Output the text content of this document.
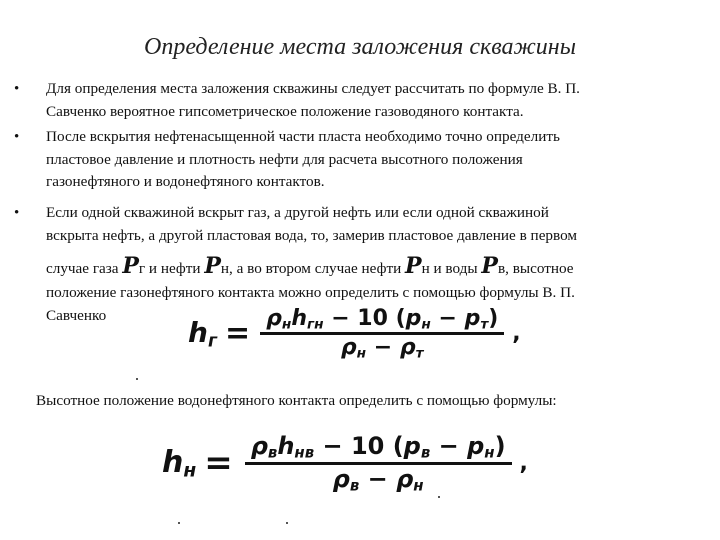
Определение места заложения скважины
• Для определения места заложения скважины следует рассчитать по формуле В. П.
Савченко вероятное гипсометрическое положение газоводяного контакта.
• После вскрытия нефтенасыщенной части пласта необходимо точно определить
пластовое давление и плотность нефти для расчета высотного положения
газонефтяного и водонефтяного контактов.
• Если одной скважиной вскрыт газ, а другой нефть или если одной скважиной
вскрыта нефть, а другой пластовая вода, то, замерив пластовое давление в первом
случае газа Pг и нефти Pн, а во втором случае нефти Pн и воды Pв, высотное
положение газонефтяного контакта можно определить с помощью формулы В. П.
Савченко
$h_г = \frac{\rho_нh_{гн} - 10 (p_н - p_т)}{\rho_н - \rho_т}$ ,
Высотное положение водонефтяного контакта определить с помощью формулы:
$h_н = \frac{\rho_вh_{нв} - 10 (p_в - p_н)}{\rho_в - \rho_н}$ ,
